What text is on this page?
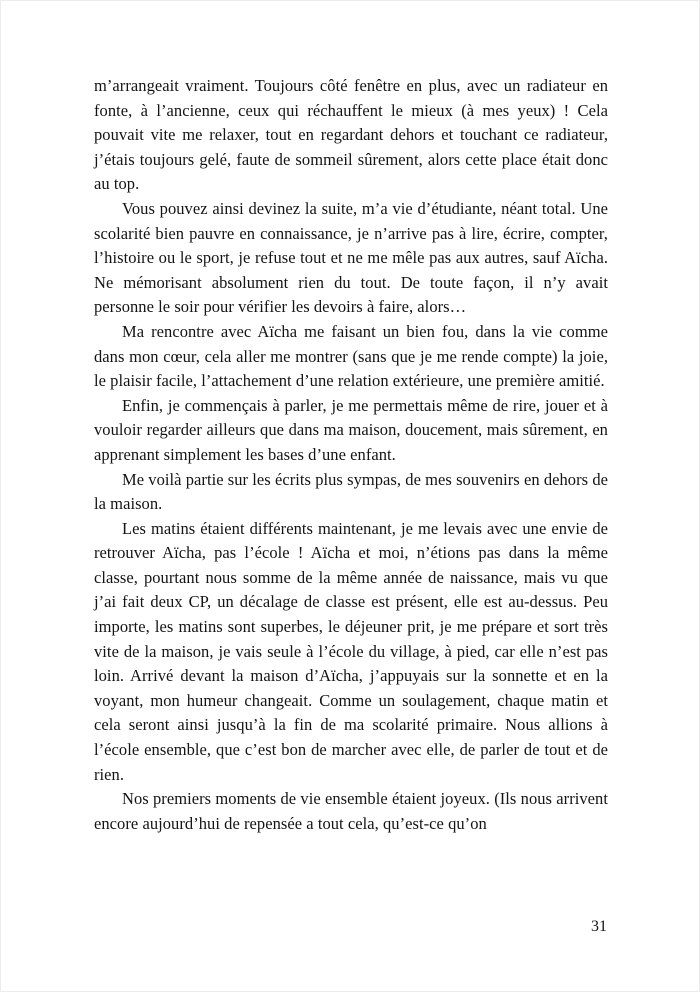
m’arrangeait vraiment. Toujours côté fenêtre en plus, avec un radiateur en fonte, à l’ancienne, ceux qui réchauffent le mieux (à mes yeux) ! Cela pouvait vite me relaxer, tout en regardant dehors et touchant ce radiateur, j’étais toujours gelé, faute de sommeil sûrement, alors cette place était donc au top.

Vous pouvez ainsi devinez la suite, m’a vie d’étudiante, néant total. Une scolarité bien pauvre en connaissance, je n’arrive pas à lire, écrire, compter, l’histoire ou le sport, je refuse tout et ne me mêle pas aux autres, sauf Aïcha. Ne mémorisant absolument rien du tout. De toute façon, il n’y avait personne le soir pour vérifier les devoirs à faire, alors…

Ma rencontre avec Aïcha me faisant un bien fou, dans la vie comme dans mon cœur, cela aller me montrer (sans que je me rende compte) la joie, le plaisir facile, l’attachement d’une relation extérieure, une première amitié.

Enfin, je commençais à parler, je me permettais même de rire, jouer et à vouloir regarder ailleurs que dans ma maison, doucement, mais sûrement, en apprenant simplement les bases d’une enfant.

Me voilà partie sur les écrits plus sympas, de mes souvenirs en dehors de la maison.

Les matins étaient différents maintenant, je me levais avec une envie de retrouver Aïcha, pas l’école ! Aïcha et moi, n’étions pas dans la même classe, pourtant nous somme de la même année de naissance, mais vu que j’ai fait deux CP, un décalage de classe est présent, elle est au-dessus. Peu importe, les matins sont superbes, le déjeuner prit, je me prépare et sort très vite de la maison, je vais seule à l’école du village, à pied, car elle n’est pas loin. Arrivé devant la maison d’Aïcha, j’appuyais sur la sonnette et en la voyant, mon humeur changeait. Comme un soulagement, chaque matin et cela seront ainsi jusqu’à la fin de ma scolarité primaire. Nous allions à l’école ensemble, que c’est bon de marcher avec elle, de parler de tout et de rien.

Nos premiers moments de vie ensemble étaient joyeux. (Ils nous arrivent encore aujourd’hui de repensée a tout cela, qu’est-ce qu’on

31
